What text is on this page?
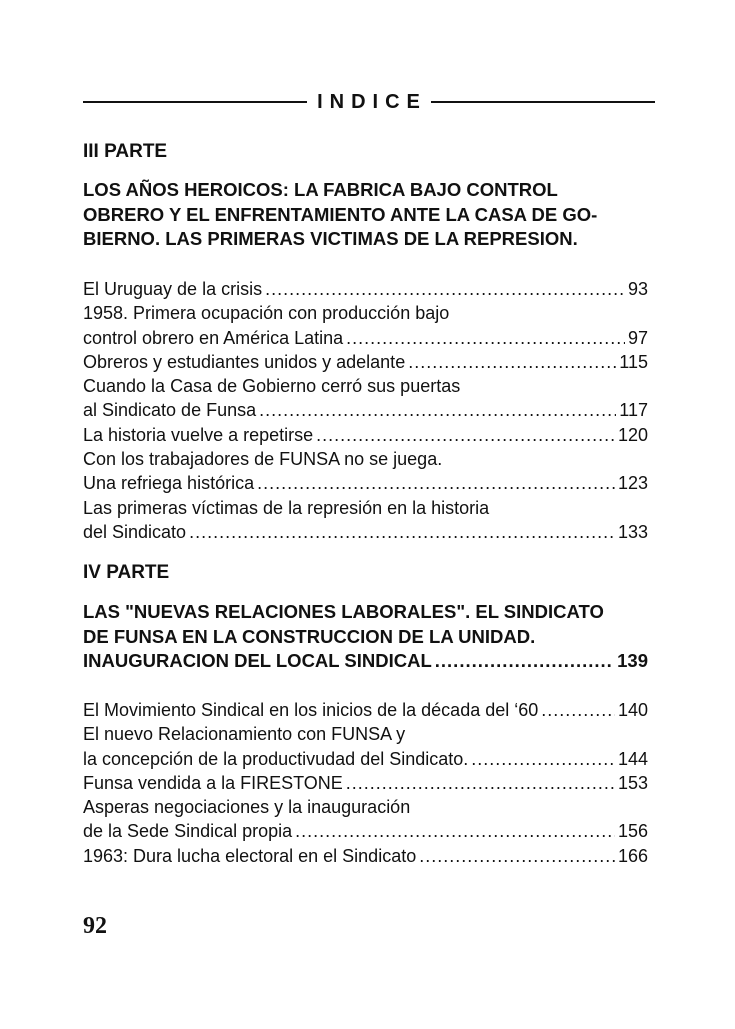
INDICE
III PARTE
LOS AÑOS HEROICOS: LA FABRICA BAJO CONTROL
OBRERO Y EL ENFRENTAMIENTO ANTE LA CASA DE GO-
BIERNO. LAS PRIMERAS VICTIMAS DE LA REPRESION.
El Uruguay de la crisis .....	93
1958. Primera ocupación con producción bajo
control obrero en América Latina .....	97
Obreros y estudiantes unidos y adelante .....	115
Cuando la Casa de Gobierno cerró sus puertas
al Sindicato de Funsa .....	117
La historia vuelve a repetirse .....	120
Con los trabajadores de FUNSA no se juega.
Una refriega histórica .....	123
Las primeras víctimas de la represión en la historia
del Sindicato .....	133
IV PARTE
LAS "NUEVAS RELACIONES LABORALES". EL SINDICATO
DE FUNSA EN LA CONSTRUCCION DE LA UNIDAD.
INAUGURACION DEL LOCAL SINDICAL .....	139
El Movimiento Sindical en los inicios de la década del ‘60 .....	140
El nuevo Relacionamiento con FUNSA y
la concepción de la productivudad del Sindicato. .....	144
Funsa vendida a la FIRESTONE .....	153
Asperas negociaciones y la inauguración
de la Sede Sindical propia .....	156
1963: Dura lucha electoral en el Sindicato .....	166
92
